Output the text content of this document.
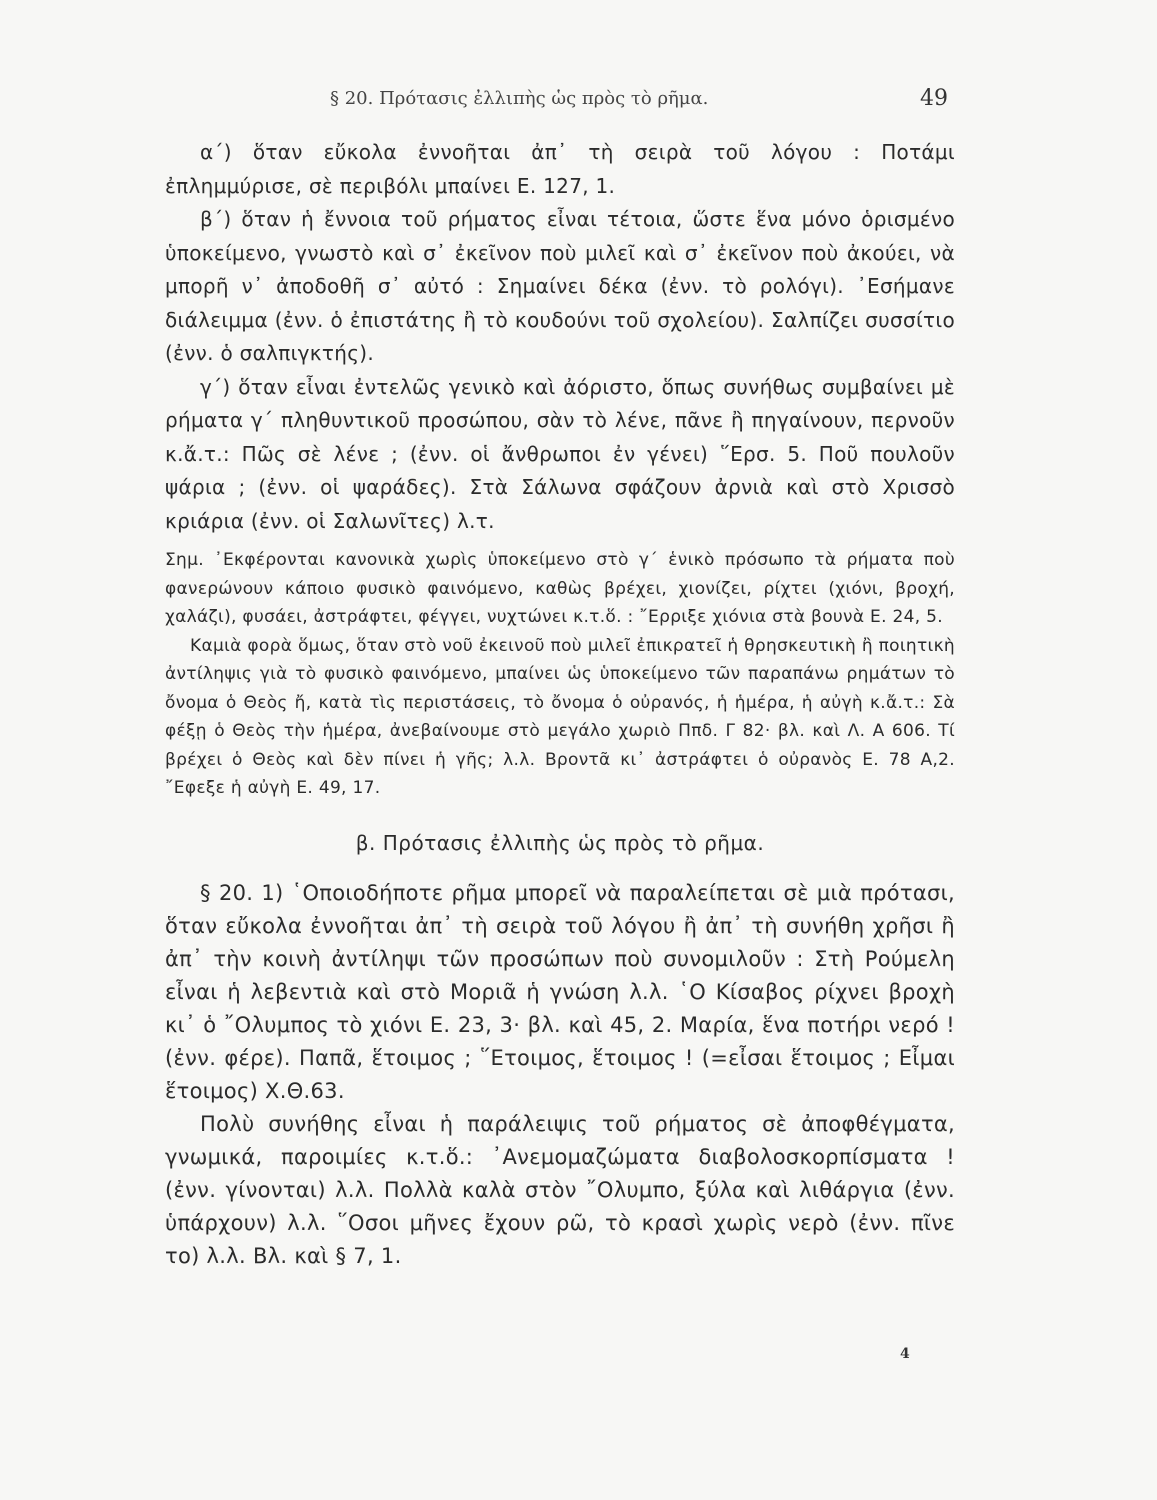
§ 20. Πρότασις ἐλλιπὴς ὡς πρὸς τὸ ρῆμα.	49

α΄) ὅταν εὔκολα ἐννοῆται ἀπ᾿ τὴ σειρὰ τοῦ λόγου : Ποτάμι ἐπλημμύρισε, σὲ περιβόλι μπαίνει Ε. 127, 1.

β΄) ὅταν ἡ ἔννοια τοῦ ρήματος εἶναι τέτοια, ὥστε ἕνα μόνο ὁρισμένο ὑποκείμενο, γνωστὸ καὶ σ᾿ ἐκεῖνον ποὺ μιλεῖ καὶ σ᾿ ἐκεῖνον ποὺ ἀκούει, νὰ μπορῆ ν᾿ ἀποδοθῆ σ᾿ αὐτό : Σημαίνει δέκα (ἐνν. τὸ ρολόγι). ᾿Εσήμανε διάλειμμα (ἐνν. ὁ ἐπιστάτης ἢ τὸ κουδούνι τοῦ σχολείου). Σαλπίζει συσσίτιο (ἐνν. ὁ σαλπιγκτής).

γ΄) ὅταν εἶναι ἐντελῶς γενικὸ καὶ ἀόριστο, ὅπως συνήθως συμβαίνει μὲ ρήματα γ΄ πληθυντικοῦ προσώπου, σὰν τὸ λένε, πᾶνε ἢ πηγαίνουν, περνοῦν κ.ἄ.τ.: Πῶς σὲ λένε ; (ἐνν. οἱ ἄνθρωποι ἐν γένει) ῞Ερσ. 5. Ποῦ πουλοῦν ψάρια ; (ἐνν. οἱ ψαράδες). Στὰ Σάλωνα σφάζουν ἀρνιὰ καὶ στὸ Χρισσὸ κριάρια (ἐνν. οἱ Σαλωνῖτες) λ.τ.

Σημ. ᾿Εκφέρονται κανονικὰ χωρὶς ὑποκείμενο στὸ γ΄ ἑνικὸ πρόσωπο τὰ ρήματα ποὺ φανερώνουν κάποιο φυσικὸ φαινόμενο, καθὼς βρέχει, χιονίζει, ρίχτει (χιόνι, βροχή, χαλάζι), φυσάει, ἀστράφτει, φέγγει, νυχτώνει κ.τ.ὅ. : ῎Ερριξε χιόνια στὰ βουνὰ Ε. 24, 5.

Καμιὰ φορὰ ὅμως, ὅταν στὸ νοῦ ἐκεινοῦ ποὺ μιλεῖ ἐπικρατεῖ ἡ θρησκευτικὴ ἢ ποιητικὴ ἀντίληψις γιὰ τὸ φυσικὸ φαινόμενο, μπαίνει ὡς ὑποκείμενο τῶν παραπάνω ρημάτων τὸ ὄνομα ὁ Θεὸς ἤ, κατὰ τὶς περιστάσεις, τὸ ὄνομα ὁ οὐρανός, ἡ ἡμέρα, ἡ αὐγὴ κ.ἄ.τ.: Σὰ φέξῃ ὁ Θεὸς τὴν ἡμέρα, ἀνεβαίνουμε στὸ μεγάλο χωριὸ Ππδ. Γ 82· βλ. καὶ Λ. Α 606. Τί βρέχει ὁ Θεὸς καὶ δὲν πίνει ἡ γῆς; λ.λ. Βροντᾶ κι᾿ ἀστράφτει ὁ οὐρανὸς Ε. 78 Α,2. ῎Εφεξε ἡ αὐγὴ Ε. 49, 17.

β. Πρότασις ἐλλιπὴς ὡς πρὸς τὸ ρῆμα.

§ 20. 1) ῾Οποιοδήποτε ρῆμα μπορεῖ νὰ παραλείπεται σὲ μιὰ πρότασι, ὅταν εὔκολα ἐννοῆται ἀπ᾿ τὴ σειρὰ τοῦ λόγου ἢ ἀπ᾿ τὴ συνήθη χρῆσι ἢ ἀπ᾿ τὴν κοινὴ ἀντίληψι τῶν προσώπων ποὺ συνομιλοῦν : Στὴ Ρούμελη εἶναι ἡ λεβεντιὰ καὶ στὸ Μοριᾶ ἡ γνώση λ.λ. ῾Ο Κίσαβος ρίχνει βροχὴ κι᾿ ὁ ῎Ολυμπος τὸ χιόνι Ε. 23, 3· βλ. καὶ 45, 2. Μαρία, ἕνα ποτήρι νερό ! (ἐνν. φέρε). Παπᾶ, ἕτοιμος ; ῞Ετοιμος, ἕτοιμος ! (=εἶσαι ἕτοιμος ; Εἶμαι ἕτοιμος) Χ.Θ.63.

Πολὺ συνήθης εἶναι ἡ παράλειψις τοῦ ρήματος σὲ ἀποφθέγματα, γνωμικά, παροιμίες κ.τ.ὅ.: ᾿Ανεμομαζώματα διαβολοσκορπίσματα ! (ἐνν. γίνονται) λ.λ. Πολλὰ καλὰ στὸν ῎Ολυμπο, ξύλα καὶ λιθάργια (ἐνν. ὑπάρχουν) λ.λ. ῞Οσοι μῆνες ἔχουν ρῶ, τὸ κρασὶ χωρὶς νερὸ (ἐνν. πῖνε το) λ.λ. Βλ. καὶ § 7, 1.

4
